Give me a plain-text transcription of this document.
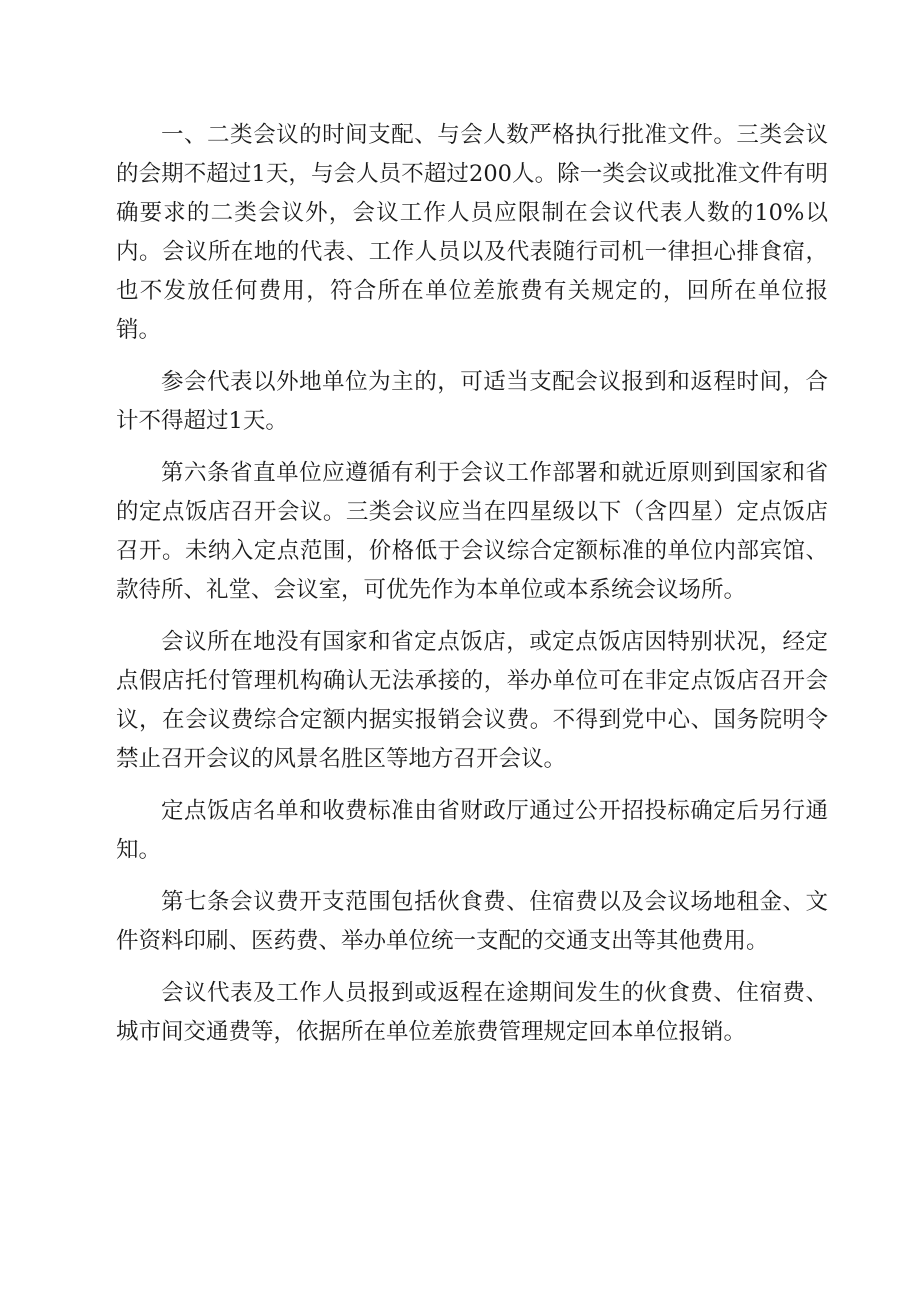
一、二类会议的时间支配、与会人数严格执行批准文件。三类会议的会期不超过1天，与会人员不超过200人。除一类会议或批准文件有明确要求的二类会议外，会议工作人员应限制在会议代表人数的10%以内。会议所在地的代表、工作人员以及代表随行司机一律担心排食宿，也不发放任何费用，符合所在单位差旅费有关规定的，回所在单位报销。

参会代表以外地单位为主的，可适当支配会议报到和返程时间，合计不得超过1天。

第六条省直单位应遵循有利于会议工作部署和就近原则到国家和省的定点饭店召开会议。三类会议应当在四星级以下（含四星）定点饭店召开。未纳入定点范围，价格低于会议综合定额标准的单位内部宾馆、款待所、礼堂、会议室，可优先作为本单位或本系统会议场所。

会议所在地没有国家和省定点饭店，或定点饭店因特别状况，经定点假店托付管理机构确认无法承接的，举办单位可在非定点饭店召开会议，在会议费综合定额内据实报销会议费。不得到党中心、国务院明令禁止召开会议的风景名胜区等地方召开会议。

定点饭店名单和收费标准由省财政厅通过公开招投标确定后另行通知。

第七条会议费开支范围包括伙食费、住宿费以及会议场地租金、文件资料印刷、医药费、举办单位统一支配的交通支出等其他费用。

会议代表及工作人员报到或返程在途期间发生的伙食费、住宿费、城市间交通费等，依据所在单位差旅费管理规定回本单位报销。
